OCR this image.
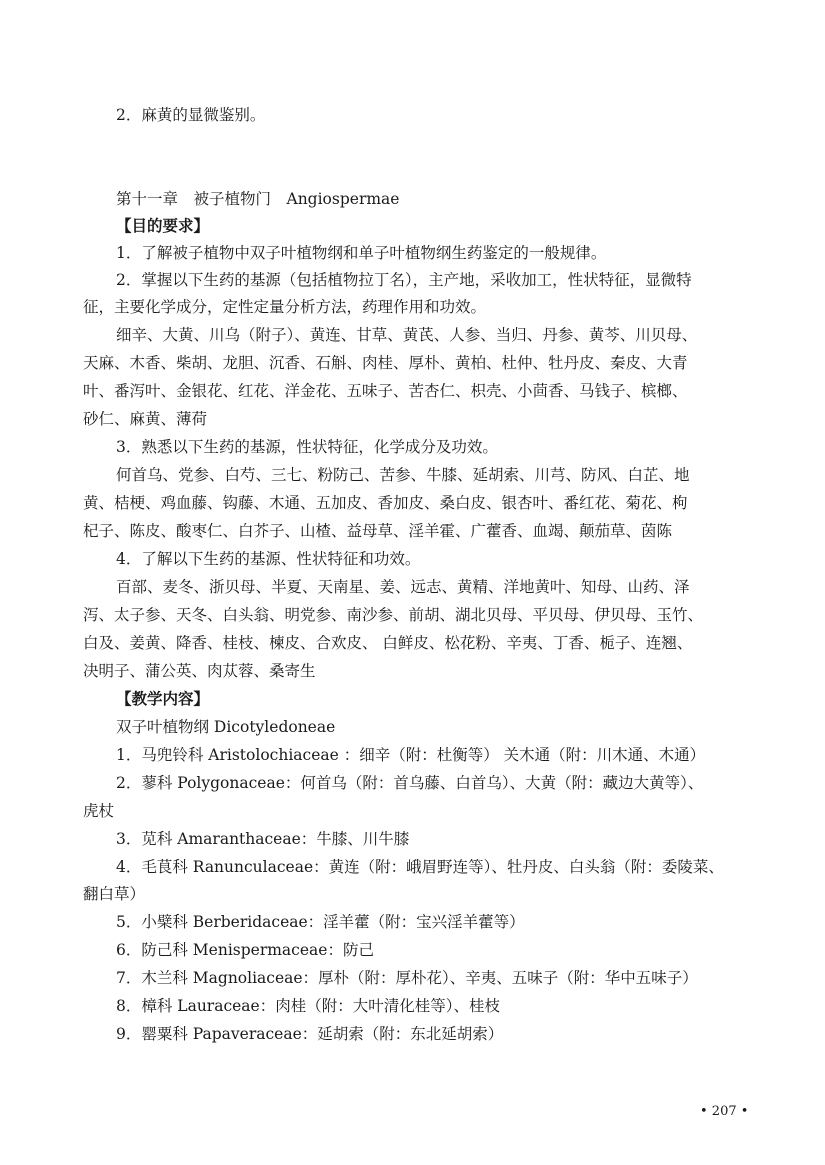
2．麻黄的显微鉴别。
第十一章　被子植物门　Angiospermae
【目的要求】
1．了解被子植物中双子叶植物纲和单子叶植物纲生药鉴定的一般规律。
2．掌握以下生药的基源（包括植物拉丁名），主产地，采收加工，性状特征，显微特
征，主要化学成分，定性定量分析方法，药理作用和功效。
细辛、大黄、川乌（附子）、黄连、甘草、黄芪、人参、当归、丹参、黄芩、川贝母、
天麻、木香、柴胡、龙胆、沉香、石斛、肉桂、厚朴、黄柏、杜仲、牡丹皮、秦皮、大青
叶、番泻叶、金银花、红花、洋金花、五味子、苦杏仁、枳壳、小茴香、马钱子、槟榔、
砂仁、麻黄、薄荷
3．熟悉以下生药的基源，性状特征，化学成分及功效。
何首乌、党参、白芍、三七、粉防己、苦参、牛膝、延胡索、川芎、防风、白芷、地
黄、桔梗、鸡血藤、钩藤、木通、五加皮、香加皮、桑白皮、银杏叶、番红花、菊花、枸
杞子、陈皮、酸枣仁、白芥子、山楂、益母草、淫羊霍、广藿香、血竭、颠茄草、茵陈
4．了解以下生药的基源、性状特征和功效。
百部、麦冬、浙贝母、半夏、天南星、姜、远志、黄精、洋地黄叶、知母、山药、泽
泻、太子参、天冬、白头翁、明党参、南沙参、前胡、湖北贝母、平贝母、伊贝母、玉竹、
白及、姜黄、降香、桂枝、楝皮、合欢皮、 白鲜皮、松花粉、辛夷、丁香、栀子、连翘、
决明子、蒲公英、肉苁蓉、桑寄生
【教学内容】
双子叶植物纲 Dicotyledoneae
1．马兜铃科 Aristolochiaceae ：细辛（附：杜衡等） 关木通（附：川木通、木通）
2．蓼科 Polygonaceae：何首乌（附：首乌藤、白首乌）、大黄（附：藏边大黄等）、
虎杖
3．苋科 Amaranthaceae：牛膝、川牛膝
4．毛茛科 Ranunculaceae：黄连（附：峨眉野连等）、牡丹皮、白头翁（附：委陵菜、
翻白草）
5．小檗科 Berberidaceae：淫羊藿（附：宝兴淫羊藿等）
6．防己科 Menispermaceae：防己
7．木兰科 Magnoliaceae：厚朴（附：厚朴花）、辛夷、五味子（附：华中五味子）
8．樟科 Lauraceae：肉桂（附：大叶清化桂等）、桂枝
9．罂粟科 Papaveraceae：延胡索（附：东北延胡索）
• 207 •
